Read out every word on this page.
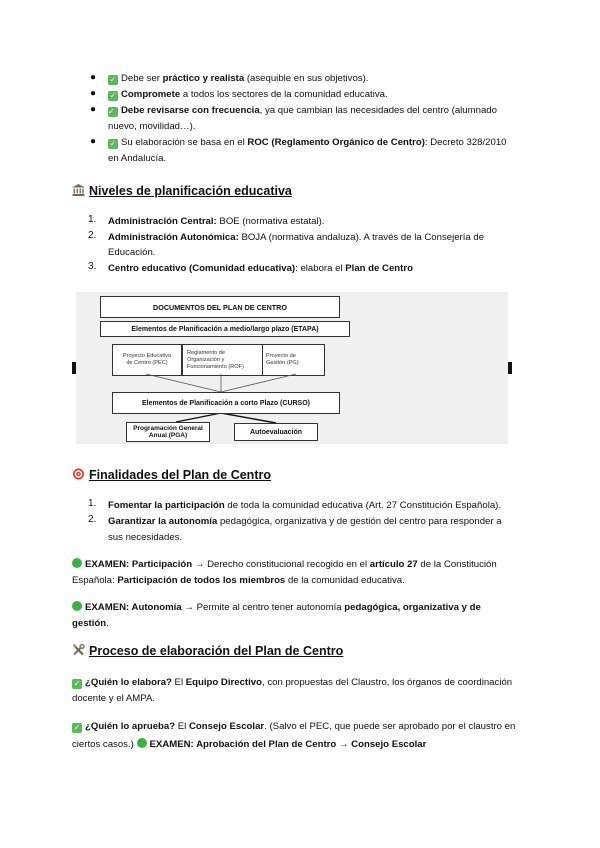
● ✓ Debe ser práctico y realista (asequible en sus objetivos).
● ✓ Compromete a todos los sectores de la comunidad educativa.
● ✓ Debe revisarse con frecuencia, ya que cambian las necesidades del centro (alumnado
nuevo, movilidad…).
● ✓ Su elaboración se basa en el ROC (Reglamento Orgánico de Centro): Decreto 328/2010
en Andalucía.
Niveles de planificación educativa
1. Administración Central: BOE (normativa estatal).
2. Administración Autonómica: BOJA (normativa andaluza). A través de la Consejería de
Educación.
3. Centro educativo (Comunidad educativa): elabora el Plan de Centro
DOCUMENTOS DEL PLAN DE CENTRO
Elementos de Planificación a medio/largo plazo (ETAPA)
Proyecto Educativo
de Centro (PEC)
Reglamento de
Organización y
Funcionamiento (ROF)
Proyecto de
Gestión (PG)
Elementos de Planificación a corto Plazo (CURSO)
Programación General
Anual (PGA)	Autoevaluación
Finalidades del Plan de Centro
1. Fomentar la participación de toda la comunidad educativa (Art. 27 Constitución Española).
2. Garantizar la autonomía pedagógica, organizativa y de gestión del centro para responder a
sus necesidades.
EXAMEN: Participación → Derecho constitucional recogido en el artículo 27 de la Constitución
Española: Participación de todos los miembros de la comunidad educativa.
EXAMEN: Autonomía → Permite al centro tener autonomía pedagógica, organizativa y de
gestión.
Proceso de elaboración del Plan de Centro
✓ ¿Quién lo elabora? El Equipo Directivo, con propuestas del Claustro, los órganos de coordinación
docente y el AMPA.
✓ ¿Quién lo aprueba? El Consejo Escolar. (Salvo el PEC, que puede ser aprobado por el claustro en
ciertos casos.) EXAMEN: Aprobación del Plan de Centro → Consejo Escolar
